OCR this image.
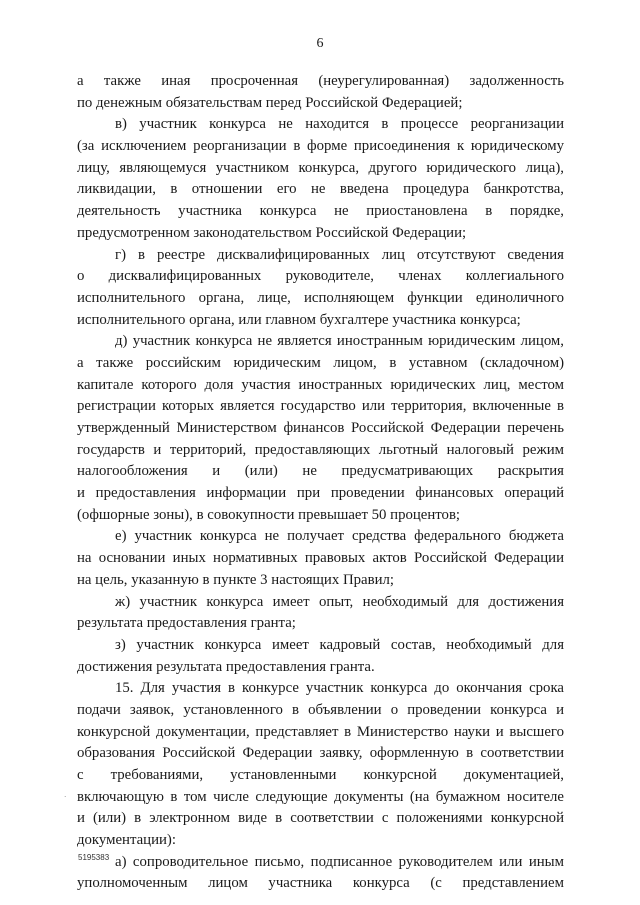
6
а также иная просроченная (неурегулированная) задолженность
по денежным обязательствам перед Российской Федерацией;
в) участник конкурса не находится в процессе реорганизации
(за исключением реорганизации в форме присоединения к юридическому
лицу, являющемуся участником конкурса, другого юридического лица),
ликвидации, в отношении его не введена процедура банкротства,
деятельность участника конкурса не приостановлена в порядке,
предусмотренном законодательством Российской Федерации;
г) в реестре дисквалифицированных лиц отсутствуют сведения
о дисквалифицированных руководителе, членах коллегиального
исполнительного органа, лице, исполняющем функции единоличного
исполнительного органа, или главном бухгалтере участника конкурса;
д) участник конкурса не является иностранным юридическим лицом,
а также российским юридическим лицом, в уставном (складочном)
капитале которого доля участия иностранных юридических лиц, местом
регистрации которых является государство или территория, включенные в
утвержденный Министерством финансов Российской Федерации перечень
государств и территорий, предоставляющих льготный налоговый режим
налогообложения и (или) не предусматривающих раскрытия
и предоставления информации при проведении финансовых операций
(офшорные зоны), в совокупности превышает 50 процентов;
е) участник конкурса не получает средства федерального бюджета
на основании иных нормативных правовых актов Российской Федерации
на цель, указанную в пункте 3 настоящих Правил;
ж) участник конкурса имеет опыт, необходимый для достижения
результата предоставления гранта;
з) участник конкурса имеет кадровый состав, необходимый для
достижения результата предоставления гранта.
15. Для участия в конкурсе участник конкурса до окончания срока
подачи заявок, установленного в объявлении о проведении конкурса и
конкурсной документации, представляет в Министерство науки и высшего
образования Российской Федерации заявку, оформленную в соответствии
с требованиями, установленными конкурсной документацией,
включающую в том числе следующие документы (на бумажном носителе
и (или) в электронном виде в соответствии с положениями конкурсной
документации):
а) сопроводительное письмо, подписанное руководителем или иным
уполномоченным лицом участника конкурса (с представлением
·
5195383
